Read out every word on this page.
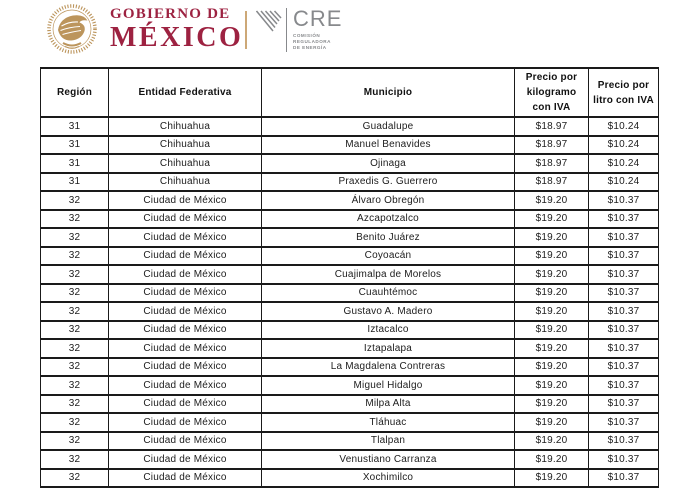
GOBIERNO DE
MÉXICO
CRE
COMISIÓN
REGULADORA
DE ENERGÍA
Región	Entidad Federativa	Municipio	Precio por kilogramo con IVA	Precio por litro con IVA
31	Chihuahua	Guadalupe	$18.97	$10.24
31	Chihuahua	Manuel Benavides	$18.97	$10.24
31	Chihuahua	Ojinaga	$18.97	$10.24
31	Chihuahua	Praxedis G. Guerrero	$18.97	$10.24
32	Ciudad de México	Álvaro Obregón	$19.20	$10.37
32	Ciudad de México	Azcapotzalco	$19.20	$10.37
32	Ciudad de México	Benito Juárez	$19.20	$10.37
32	Ciudad de México	Coyoacán	$19.20	$10.37
32	Ciudad de México	Cuajimalpa de Morelos	$19.20	$10.37
32	Ciudad de México	Cuauhtémoc	$19.20	$10.37
32	Ciudad de México	Gustavo A. Madero	$19.20	$10.37
32	Ciudad de México	Iztacalco	$19.20	$10.37
32	Ciudad de México	Iztapalapa	$19.20	$10.37
32	Ciudad de México	La Magdalena Contreras	$19.20	$10.37
32	Ciudad de México	Miguel Hidalgo	$19.20	$10.37
32	Ciudad de México	Milpa Alta	$19.20	$10.37
32	Ciudad de México	Tláhuac	$19.20	$10.37
32	Ciudad de México	Tlalpan	$19.20	$10.37
32	Ciudad de México	Venustiano Carranza	$19.20	$10.37
32	Ciudad de México	Xochimilco	$19.20	$10.37
